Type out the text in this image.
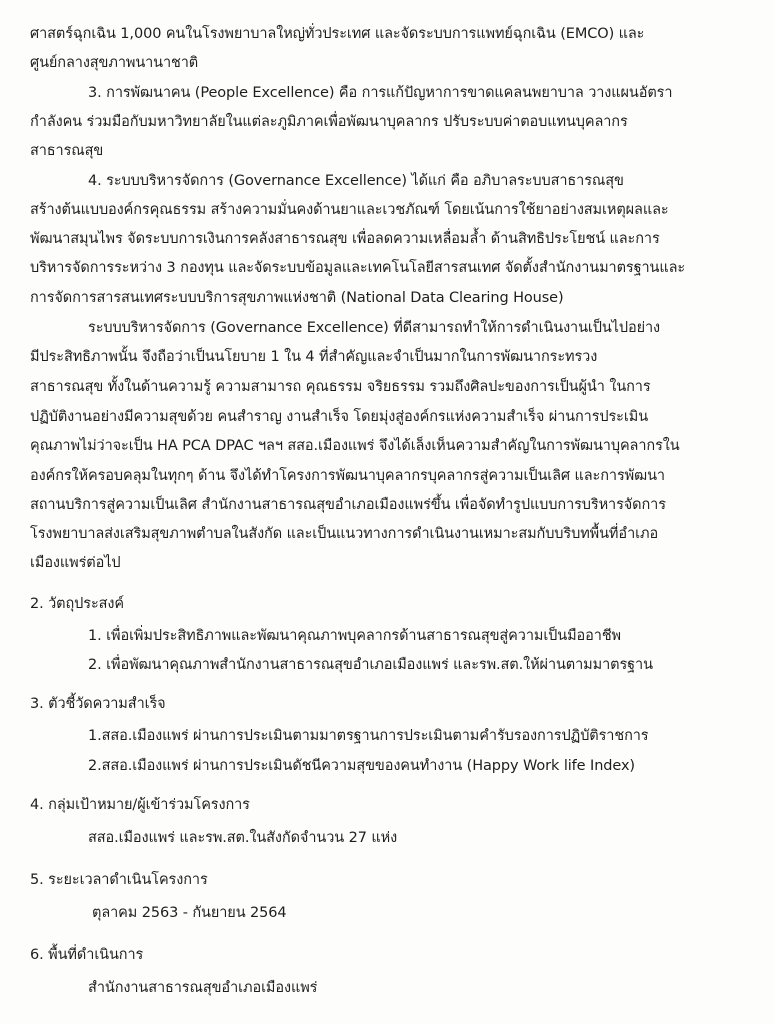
ศาสตร์ฉุกเฉิน 1,000 คนในโรงพยาบาลใหญ่ทั่วประเทศ และจัดระบบการแพทย์ฉุกเฉิน (EMCO) และ
ศูนย์กลางสุขภาพนานาชาติ
3. การพัฒนาคน (People Excellence) คือ การแก้ปัญหาการขาดแคลนพยาบาล วางแผนอัตรา
กำลังคน ร่วมมือกับมหาวิทยาลัยในแต่ละภูมิภาคเพื่อพัฒนาบุคลากร ปรับระบบค่าตอบแทนบุคลากร
สาธารณสุข
4. ระบบบริหารจัดการ (Governance Excellence) ได้แก่ คือ อภิบาลระบบสาธารณสุข
สร้างต้นแบบองค์กรคุณธรรม สร้างความมั่นคงด้านยาและเวชภัณฑ์ โดยเน้นการใช้ยาอย่างสมเหตุผลและ
พัฒนาสมุนไพร จัดระบบการเงินการคลังสาธารณสุข เพื่อลดความเหลื่อมล้ำ ด้านสิทธิประโยชน์ และการ
บริหารจัดการระหว่าง 3 กองทุน และจัดระบบข้อมูลและเทคโนโลยีสารสนเทศ จัดตั้งสำนักงานมาตรฐานและ
การจัดการสารสนเทศระบบบริการสุขภาพแห่งชาติ (National Data Clearing House)
ระบบบริหารจัดการ (Governance Excellence) ที่ดีสามารถทำให้การดำเนินงานเป็นไปอย่าง
มีประสิทธิภาพนั้น จึงถือว่าเป็นนโยบาย 1 ใน 4 ที่สำคัญและจำเป็นมากในการพัฒนากระทรวง
สาธารณสุข ทั้งในด้านความรู้ ความสามารถ คุณธรรม จริยธรรม รวมถึงศิลปะของการเป็นผู้นำ ในการ
ปฏิบัติงานอย่างมีความสุขด้วย คนสำราญ งานสำเร็จ โดยมุ่งสู่องค์กรแห่งความสำเร็จ ผ่านการประเมิน
คุณภาพไม่ว่าจะเป็น HA PCA DPAC ฯลฯ สสอ.เมืองแพร่ จึงได้เล็งเห็นความสำคัญในการพัฒนาบุคลากรใน
องค์กรให้ครอบคลุมในทุกๆ ด้าน จึงได้ทำโครงการพัฒนาบุคลากรบุคลากรสู่ความเป็นเลิศ และการพัฒนา
สถานบริการสู่ความเป็นเลิศ สำนักงานสาธารณสุขอำเภอเมืองแพร่ขึ้น เพื่อจัดทำรูปแบบการบริหารจัดการ
โรงพยาบาลส่งเสริมสุขภาพตำบลในสังกัด และเป็นแนวทางการดำเนินงานเหมาะสมกับบริบทพื้นที่อำเภอ
เมืองแพร่ต่อไป
2. วัตถุประสงค์
1. เพื่อเพิ่มประสิทธิภาพและพัฒนาคุณภาพบุคลากรด้านสาธารณสุขสู่ความเป็นมืออาชีพ
2. เพื่อพัฒนาคุณภาพสำนักงานสาธารณสุขอำเภอเมืองแพร่ และรพ.สต.ให้ผ่านตามมาตรฐาน
3. ตัวชี้วัดความสำเร็จ
1.สสอ.เมืองแพร่ ผ่านการประเมินตามมาตรฐานการประเมินตามคำรับรองการปฏิบัติราชการ
2.สสอ.เมืองแพร่ ผ่านการประเมินดัชนีความสุขของคนทำงาน (Happy Work life Index)
4. กลุ่มเป้าหมาย/ผู้เข้าร่วมโครงการ
สสอ.เมืองแพร่ และรพ.สต.ในสังกัดจำนวน 27 แห่ง
5. ระยะเวลาดำเนินโครงการ
ตุลาคม 2563 - กันยายน 2564
6. พื้นที่ดำเนินการ
สำนักงานสาธารณสุขอำเภอเมืองแพร่
